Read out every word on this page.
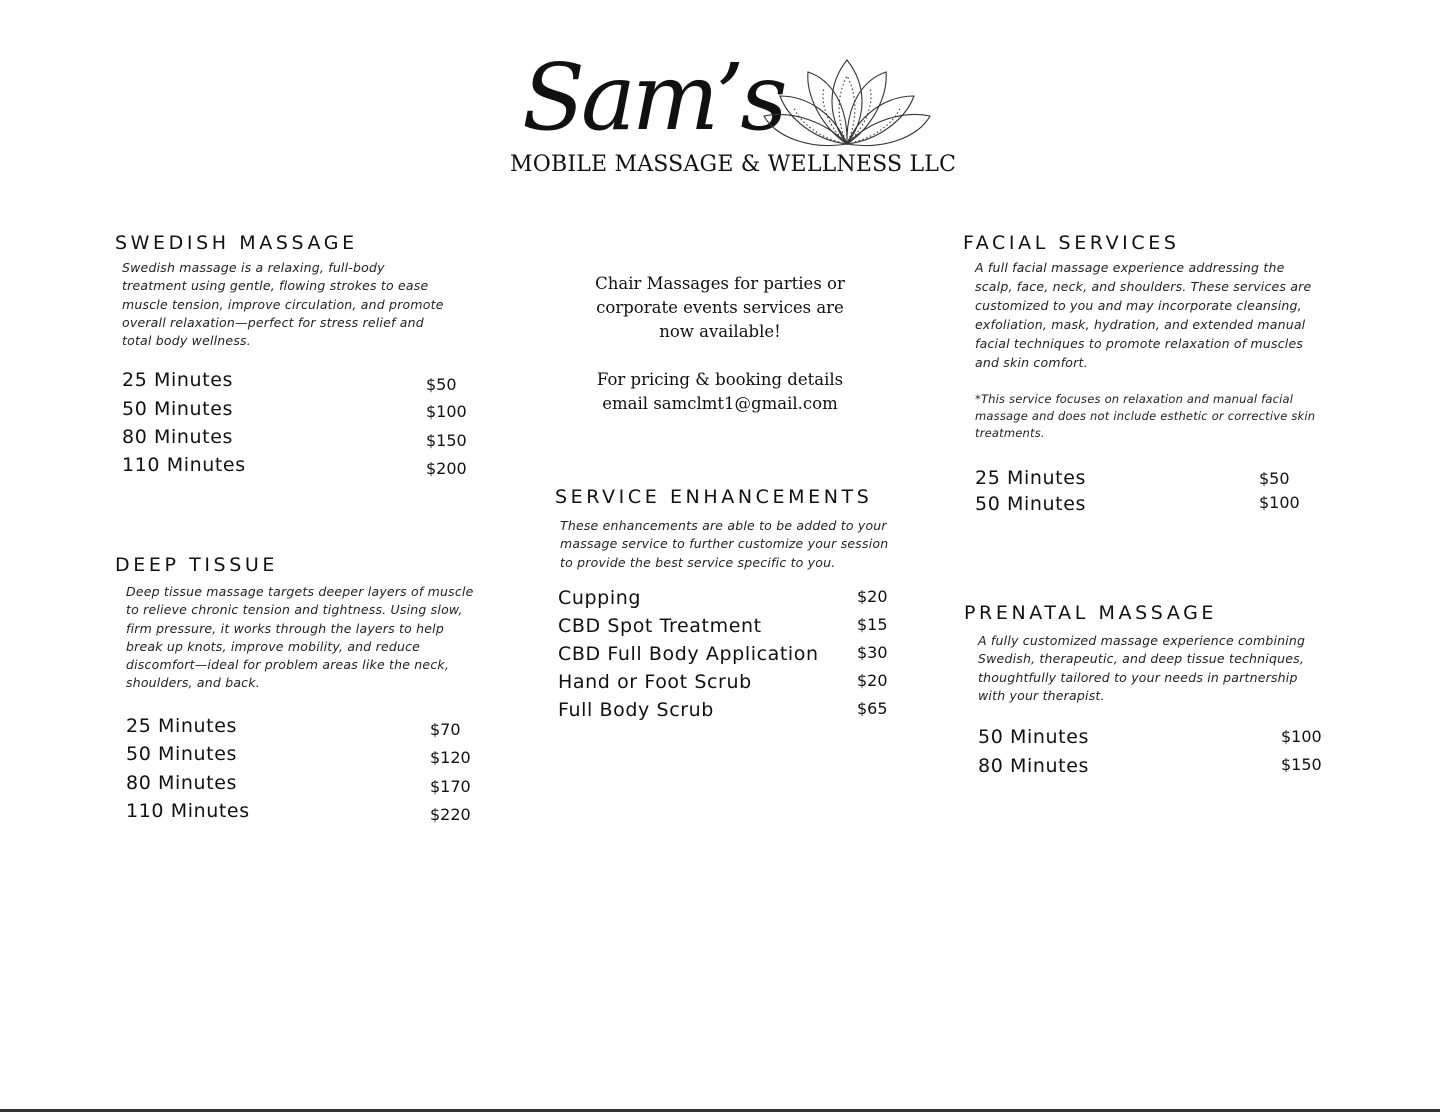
Sam’s
MOBILE MASSAGE & WELLNESS LLC
SWEDISH MASSAGE
Swedish massage is a relaxing, full-body
treatment using gentle, flowing strokes to ease
muscle tension, improve circulation, and promote
overall relaxation—perfect for stress relief and
total body wellness.
25 Minutes	$50
50 Minutes	$100
80 Minutes	$150
110 Minutes	$200
DEEP TISSUE
Deep tissue massage targets deeper layers of muscle
to relieve chronic tension and tightness. Using slow,
firm pressure, it works through the layers to help
break up knots, improve mobility, and reduce
discomfort—ideal for problem areas like the neck,
shoulders, and back.
25 Minutes	$70
50 Minutes	$120
80 Minutes	$170
110 Minutes	$220

Chair Massages for parties or

corporate events services are

now available!

For pricing & booking details

email samclmt1@gmail.com

SERVICE ENHANCEMENTS
These enhancements are able to be added to your
massage service to further customize your session
to provide the best service specific to you.
Cupping	$20
CBD Spot Treatment	$15
CBD Full Body Application $30
Hand or Foot Scrub	$20
Full Body Scrub	$65
FACIAL SERVICES
A full facial massage experience addressing the
scalp, face, neck, and shoulders. These services are
customized to you and may incorporate cleansing,
exfoliation, mask, hydration, and extended manual
facial techniques to promote relaxation of muscles
and skin comfort.
*This service focuses on relaxation and manual facial
massage and does not include esthetic or corrective skin
treatments.
25 Minutes	$50
50 Minutes	$100
PRENATAL MASSAGE
A fully customized massage experience combining
Swedish, therapeutic, and deep tissue techniques,
thoughtfully tailored to your needs in partnership
with your therapist.
50 Minutes	$100
80 Minutes	$150
